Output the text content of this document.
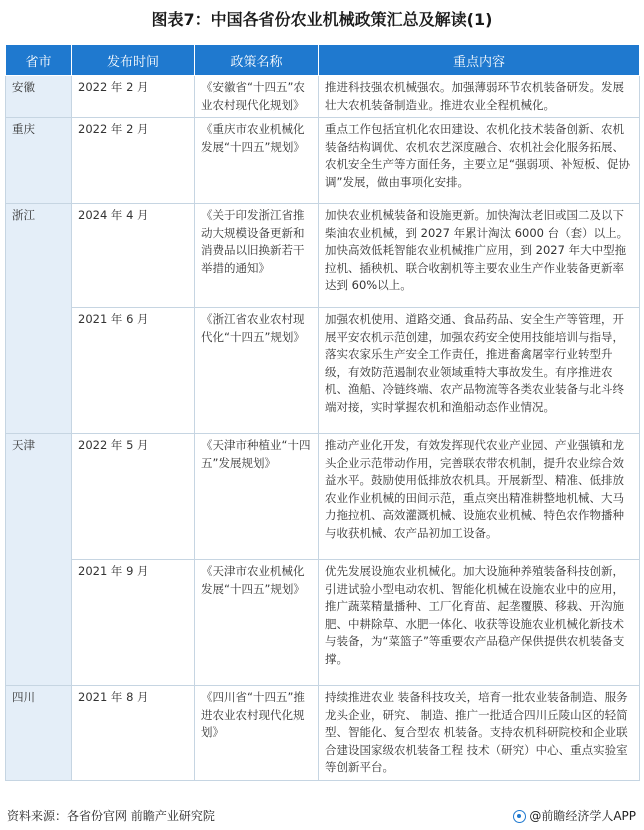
图表7：中国各省份农业机械政策汇总及解读(1)
省市	发布时间	政策名称	重点内容
安徽	2022 年 2 月	《安徽省“十四五”农业农村现代化规划》	推进科技强农机械强农。加强薄弱环节农机装备研发。发展壮大农机装备制造业。推进农业全程机械化。
重庆	2022 年 2 月	《重庆市农业机械化发展“十四五”规划》	重点工作包括宜机化农田建设、农机化技术装备创新、农机装备结构调优、农机农艺深度融合、农机社会化服务拓展、农机安全生产等方面任务，主要立足“强弱项、补短板、促协调”发展，做由事项化安排。
浙江	2024 年 4 月	《关于印发浙江省推动大规模设备更新和消费品以旧换新若干举措的通知》	加快农业机械装备和设施更新。加快淘汰老旧或国二及以下柴油农业机械，到 2027 年累计淘汰 6000 台（套）以上。加快高效低耗智能农业机械推广应用，到 2027 年大中型拖拉机、插秧机、联合收割机等主要农业生产作业装备更新率达到 60%以上。
	2021 年 6 月	《浙江省农业农村现代化“十四五”规划》	加强农机使用、道路交通、食品药品、安全生产等管理，开展平安农机示范创建，加强农药安全使用技能培训与指导，落实农家乐生产安全工作责任，推进畜禽屠宰行业转型升级，有效防范遏制农业领域重特大事故发生。有序推进农机、渔船、冷链终端、农产品物流等各类农业装备与北斗终端对接，实时掌握农机和渔船动态作业情况。
天津	2022 年 5 月	《天津市种植业“十四五”发展规划》	推动产业化开发，有效发挥现代农业产业园、产业强镇和龙头企业示范带动作用，完善联农带农机制，提升农业综合效益水平。鼓励使用低排放农机具。开展新型、精准、低排放农业作业机械的田间示范，重点突出精准耕整地机械、大马力拖拉机、高效灌溉机械、设施农业机械、特色农作物播种与收获机械、农产品初加工设备。
	2021 年 9 月	《天津市农业机械化发展“十四五”规划》	优先发展设施农业机械化。加大设施种养殖装备科技创新，引进试验小型电动农机、智能化机械在设施农业中的应用，推广蔬菜精量播种、工厂化育苗、起垄覆膜、移栽、开沟施肥、中耕除草、水肥一体化、收获等设施农业机械化新技术与装备，为“菜篮子”等重要农产品稳产保供提供农机装备支撑。
四川	2021 年 8 月	《四川省“十四五”推进农业农村现代化规划》	持续推进农业 装备科技攻关，培育一批农业装备制造、服务龙头企业，研究、 制造、推广一批适合四川丘陵山区的轻简型、智能化、复合型农 机装备。支持农机科研院校和企业联合建设国家级农机装备工程 技术（研究）中心、重点实验室等创新平台。
资料来源：各省份官网 前瞻产业研究院	@前瞻经济学人APP
